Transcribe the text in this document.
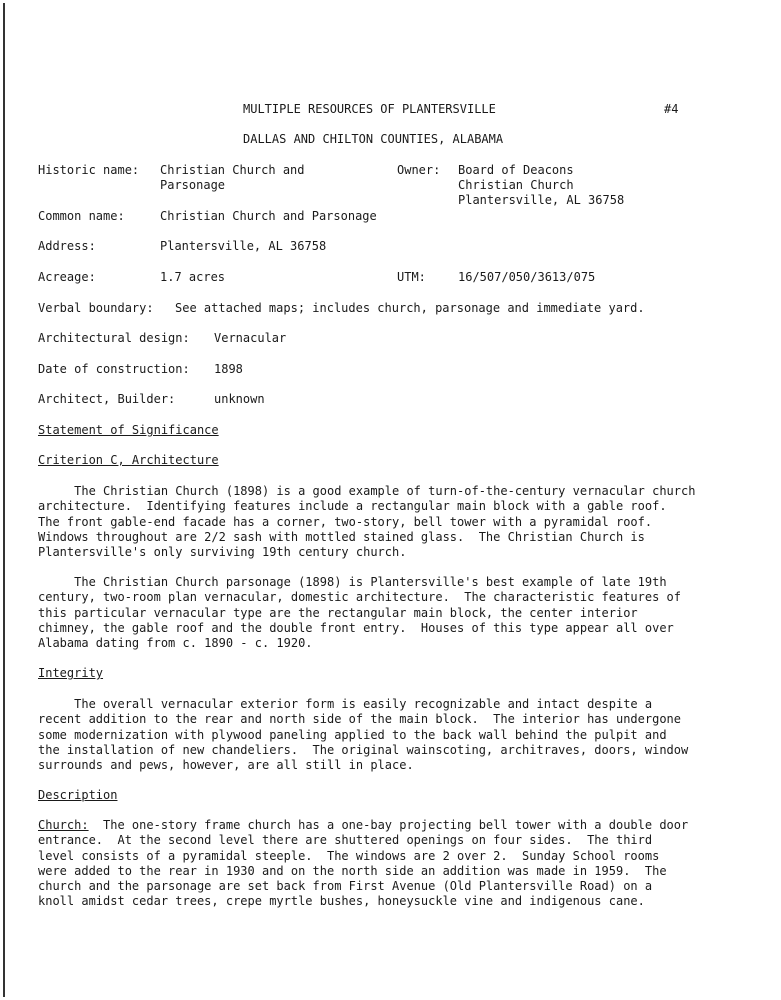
MULTIPLE RESOURCES OF PLANTERSVILLE	#4
DALLAS AND CHILTON COUNTIES, ALABAMA
Historic name: Christian Church and
Parsonage
Owner: Board of Deacons
Christian Church
Plantersville, AL 36758
Common name:	Christian Church and Parsonage
Address:	Plantersville, AL 36758
Acreage:	1.7 acres	UTM:	16/507/050/3613/075
Verbal boundary: See attached maps; includes church, parsonage and immediate yard.
Architectural design: Vernacular
Date of construction: 1898
Architect, Builder:	unknown
Statement of Significance
Criterion C, Architecture
The Christian Church (1898) is a good example of turn-of-the-century vernacular church
architecture.  Identifying features include a rectangular main block with a gable roof.
The front gable-end facade has a corner, two-story, bell tower with a pyramidal roof.
Windows throughout are 2/2 sash with mottled stained glass.  The Christian Church is
Plantersville's only surviving 19th century church.
The Christian Church parsonage (1898) is Plantersville's best example of late 19th
century, two-room plan vernacular, domestic architecture.  The characteristic features of
this particular vernacular type are the rectangular main block, the center interior
chimney, the gable roof and the double front entry.  Houses of this type appear all over
Alabama dating from c. 1890 - c. 1920.
Integrity
The overall vernacular exterior form is easily recognizable and intact despite a
recent addition to the rear and north side of the main block.  The interior has undergone
some modernization with plywood paneling applied to the back wall behind the pulpit and
the installation of new chandeliers.  The original wainscoting, architraves, doors, window
surrounds and pews, however, are all still in place.
Description
Church:  The one-story frame church has a one-bay projecting bell tower with a double door
entrance.  At the second level there are shuttered openings on four sides.  The third
level consists of a pyramidal steeple.  The windows are 2 over 2.  Sunday School rooms
were added to the rear in 1930 and on the north side an addition was made in 1959.  The
church and the parsonage are set back from First Avenue (Old Plantersville Road) on a
knoll amidst cedar trees, crepe myrtle bushes, honeysuckle vine and indigenous cane.
